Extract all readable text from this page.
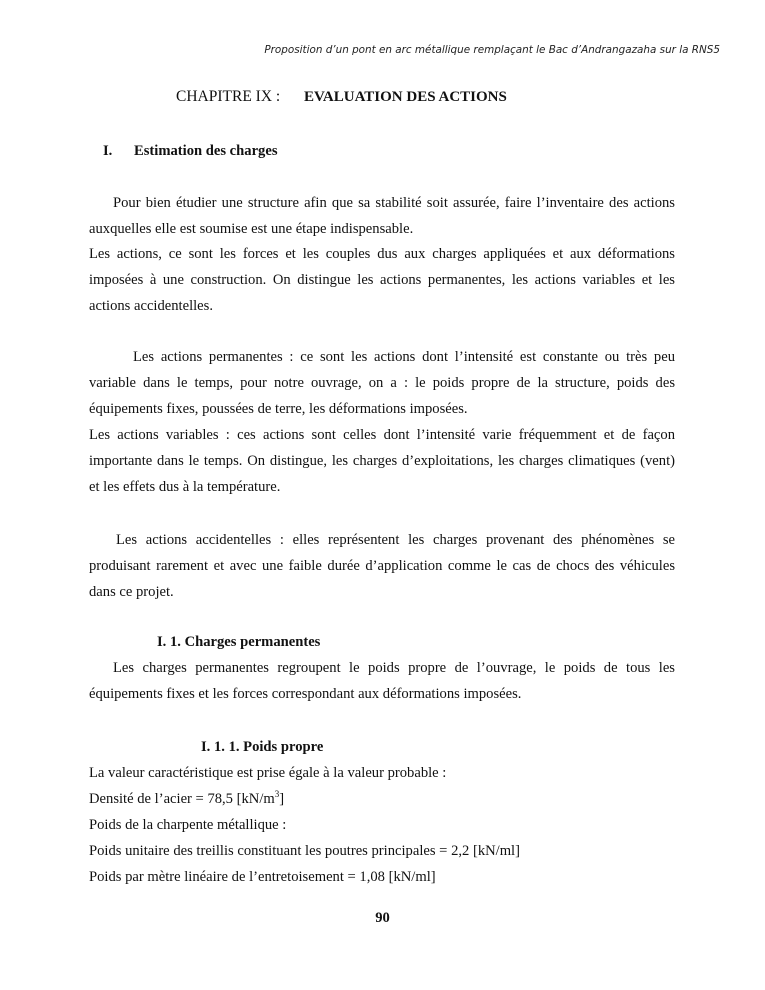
Proposition d’un pont en arc métallique remplaçant le Bac d’Andrangazaha sur la RNS5
CHAPITRE IX : EVALUATION DES ACTIONS
I. Estimation des charges
Pour bien étudier une structure afin que sa stabilité soit assurée, faire l’inventaire des actions auxquelles elle est soumise est une étape indispensable.
Les actions, ce sont les forces et les couples dus aux charges appliquées et aux déformations imposées à une construction. On distingue les actions permanentes, les actions variables et les actions accidentelles.
Les actions permanentes : ce sont les actions dont l’intensité est constante ou très peu variable dans le temps, pour notre ouvrage, on a : le poids propre de la structure, poids des équipements fixes, poussées de terre, les déformations imposées.
Les actions variables : ces actions sont celles dont l’intensité varie fréquemment et de façon importante dans le temps. On distingue, les charges d’exploitations, les charges climatiques (vent) et les effets dus à la température.
Les actions accidentelles : elles représentent les charges provenant des phénomènes se produisant rarement et avec une faible durée d’application comme le cas de chocs des véhicules dans ce projet.
I. 1. Charges permanentes
Les charges permanentes regroupent le poids propre de l’ouvrage, le poids de tous les équipements fixes et les forces correspondant aux déformations imposées.
I. 1. 1. Poids propre
La valeur caractéristique est prise égale à la valeur probable :
Densité de l’acier = 78,5 $[kN/m^3]$
Poids de la charpente métallique :
Poids unitaire des treillis constituant les poutres principales = 2,2 [kN/ml]
Poids par mètre linéaire de l’entretoisement = 1,08 [kN/ml]
90
